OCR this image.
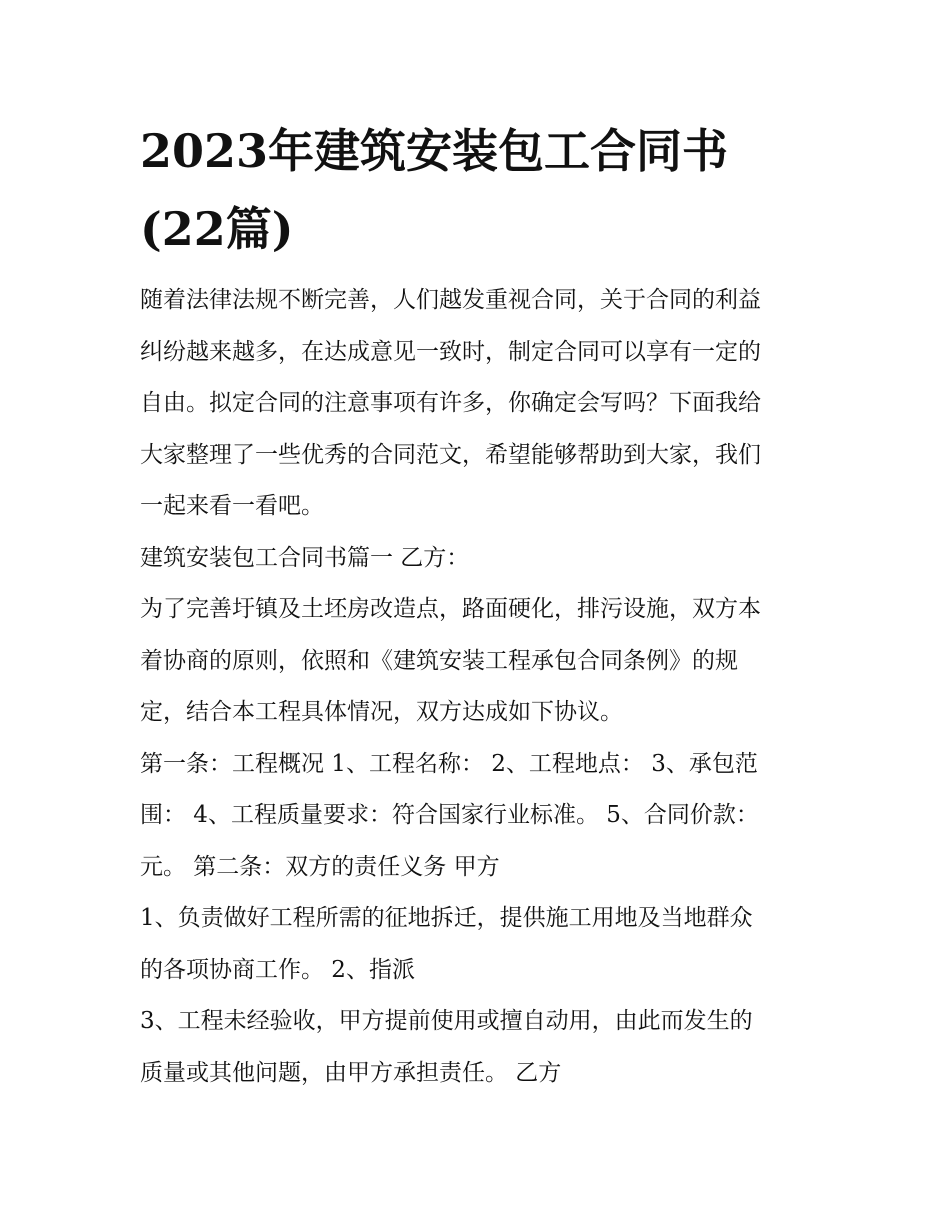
2023年建筑安装包工合同书
(22篇)
随着法律法规不断完善，人们越发重视合同，关于合同的利益
纠纷越来越多，在达成意见一致时，制定合同可以享有一定的
自由。拟定合同的注意事项有许多，你确定会写吗？下面我给
大家整理了一些优秀的合同范文，希望能够帮助到大家，我们
一起来看一看吧。
建筑安装包工合同书篇一 乙方：
为了完善圩镇及土坯房改造点，路面硬化，排污设施，双方本
着协商的原则，依照和《建筑安装工程承包合同条例》的规
定，结合本工程具体情况，双方达成如下协议。
第一条：工程概况 1、工程名称： 2、工程地点： 3、承包范
围： 4、工程质量要求：符合国家行业标准。 5、合同价款：
元。 第二条：双方的责任义务 甲方
1、负责做好工程所需的征地拆迁，提供施工用地及当地群众
的各项协商工作。 2、指派
3、工程未经验收，甲方提前使用或擅自动用，由此而发生的
质量或其他问题，由甲方承担责任。 乙方
